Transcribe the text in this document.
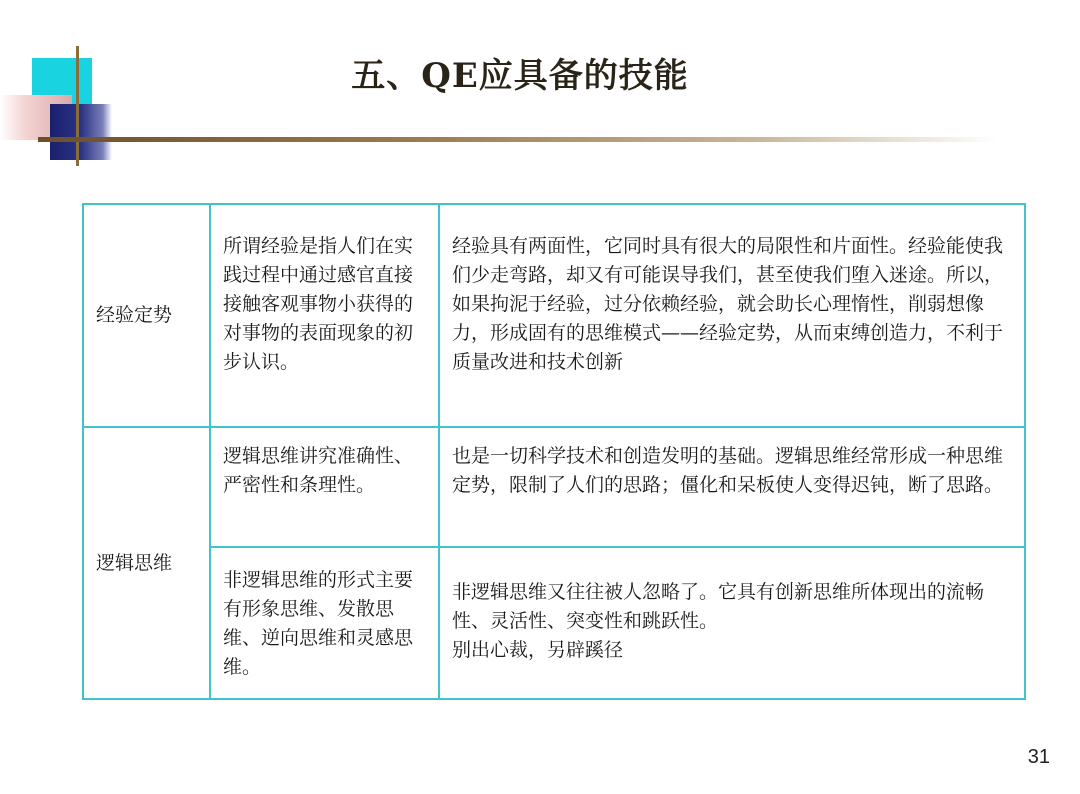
五、QE应具备的技能
经验定势	所谓经验是指人们在实践过程中通过感官直接接触客观事物小获得的对事物的表面现象的初步认识。	经验具有两面性，它同时具有很大的局限性和片面性。经验能使我们少走弯路，却又有可能误导我们，甚至使我们堕入迷途。所以，如果拘泥于经验，过分依赖经验，就会助长心理惰性，削弱想像力，形成固有的思维模式——经验定势，从而束缚创造力，不利于质量改进和技术创新

逻辑思维	逻辑思维讲究准确性、严密性和条理性。	也是一切科学技术和创造发明的基础。逻辑思维经常形成一种思维定势，限制了人们的思路；僵化和呆板使人变得迟钝，断了思路。

	非逻辑思维的形式主要有形象思维、发散思维、逆向思维和灵感思维。	非逻辑思维又往往被人忽略了。它具有创新思维所体现出的流畅性、灵活性、突变性和跳跃性。
别出心裁，另辟蹊径
31
